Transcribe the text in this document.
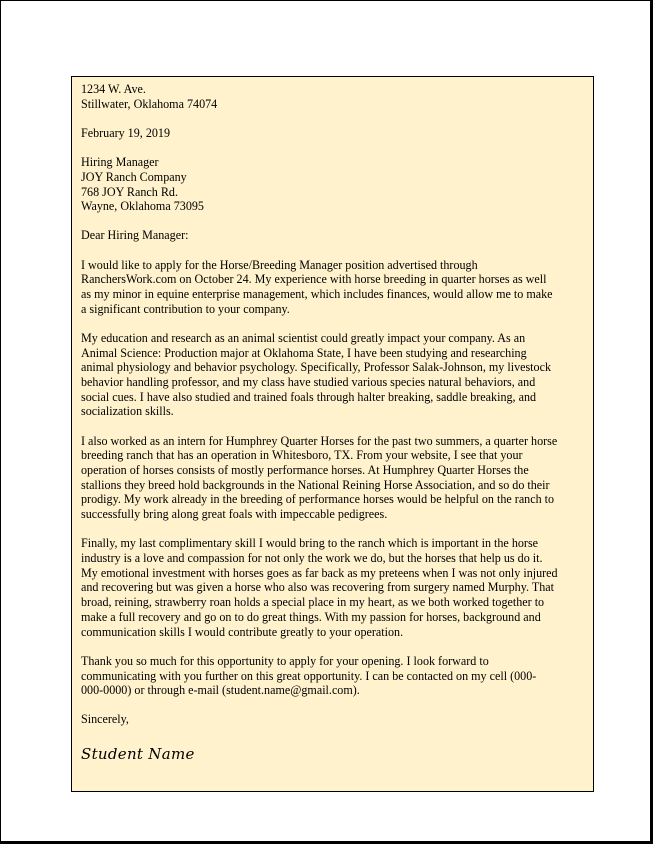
1234 W. Ave.
Stillwater, Oklahoma 74074
February 19, 2019
Hiring Manager
JOY Ranch Company
768 JOY Ranch Rd.
Wayne, Oklahoma 73095
Dear Hiring Manager:

I would like to apply for the Horse/Breeding Manager position advertised through
RanchersWork.com on October 24. My experience with horse breeding in quarter horses as well
as my minor in equine enterprise management, which includes finances, would allow me to make
a significant contribution to your company.

My education and research as an animal scientist could greatly impact your company. As an
Animal Science: Production major at Oklahoma State, I have been studying and researching
animal physiology and behavior psychology. Specifically, Professor Salak-Johnson, my livestock
behavior handling professor, and my class have studied various species natural behaviors, and
social cues. I have also studied and trained foals through halter breaking, saddle breaking, and
socialization skills.

I also worked as an intern for Humphrey Quarter Horses for the past two summers, a quarter horse
breeding ranch that has an operation in Whitesboro, TX. From your website, I see that your
operation of horses consists of mostly performance horses. At Humphrey Quarter Horses the
stallions they breed hold backgrounds in the National Reining Horse Association, and so do their
prodigy. My work already in the breeding of performance horses would be helpful on the ranch to
successfully bring along great foals with impeccable pedigrees.

Finally, my last complimentary skill I would bring to the ranch which is important in the horse
industry is a love and compassion for not only the work we do, but the horses that help us do it.
My emotional investment with horses goes as far back as my preteens when I was not only injured
and recovering but was given a horse who also was recovering from surgery named Murphy. That
broad, reining, strawberry roan holds a special place in my heart, as we both worked together to
make a full recovery and go on to do great things. With my passion for horses, background and
communication skills I would contribute greatly to your operation.

Thank you so much for this opportunity to apply for your opening. I look forward to
communicating with you further on this great opportunity. I can be contacted on my cell (000-
000-0000) or through e-mail (student.name@gmail.com).

Sincerely,
Student Name
